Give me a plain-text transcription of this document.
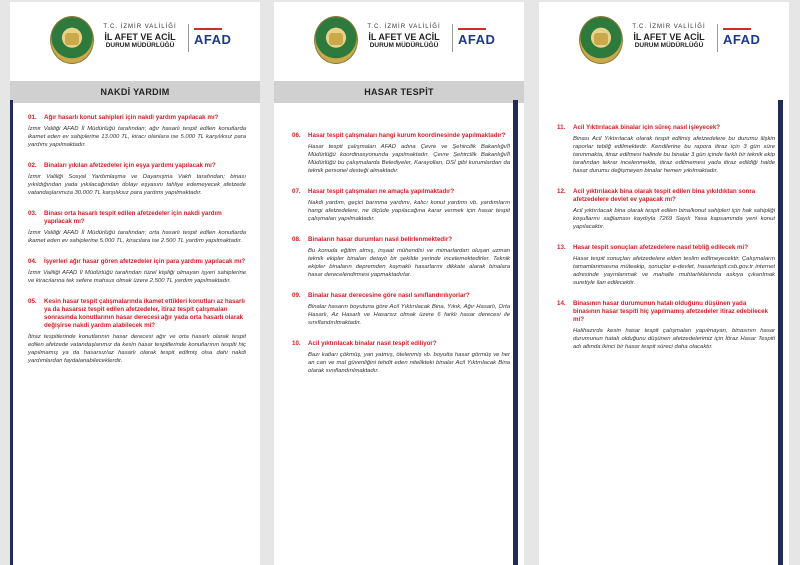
T.C. İZMİR VALİLİĞİ
İL AFET VE ACİL
DURUM MÜDÜRLÜĞÜ	AFAD
NAKDİ YARDIM
01.	Ağır hasarlı konut sahipleri için nakdi yardım yapılacak mı?
İzmir Valiliği AFAD İl Müdürlüğü tarafından; ağır hasarlı tespit edilen konutlarda ikamet eden ev sahiplerine 13.000 TL, kiracı olanlara ise 5.000 TL karşılıksız para yardımı yapılmaktadır.
02.	Binaları yıkılan afetzedeler için eşya yardımı yapılacak mı?
İzmir Valiliği Sosyal Yardımlaşma ve Dayanışma Vakfı tarafından; binası yıkıldığından yada yıkılacağından dolayı eşyasını tahliye edemeyecek afetzede vatandaşlarımıza 30.000 TL karşılıksız para yardımı yapılmaktadır.
03.	Binası orta hasarlı tespit edilen afetzedeler için nakdi yardım yapılacak mı?
İzmir Valiliği AFAD İl Müdürlüğü tarafından; orta hasarlı tespit edilen konutlarda ikamet eden ev sahiplerine 5.000 TL, kiracılara ise 2.500 TL yardım yapılmaktadır.
04.	İşyerleri ağır hasar gören afetzedeler için para yardımı yapılacak mı?
İzmir Valiliği AFAD İl Müdürlüğü tarafından tüzel kişiliği olmayan işyeri sahiplerine ve kiracılarına tek sefere mahsus olmak üzere 2.500 TL yardım yapılmaktadır.
05.	Kesin hasar tespit çalışmalarında ikamet ettikleri konutları az hasarlı ya da hasarsız tespit edilen afetzedeler, itiraz tespit çalışmaları sonrasında konutlarının hasar derecesi ağır yada orta hasarlı olarak değişirse nakdi yardım alabilecek mi?
İtiraz tespitlerinde konutlarının hasar derecesi ağır ve orta hasarlı olarak tespit edilen afetzede vatandaşlarımız da kesin hasar tespitlerinde konutlarının tespiti hiç yapılmamış ya da hasarsız/az hasarlı olarak tespit edilmiş olsa dahi nakdi yardımlardan faydalanabileceklerdir.
T.C. İZMİR VALİLİĞİ
İL AFET VE ACİL
DURUM MÜDÜRLÜĞÜ	AFAD
HASAR TESPİT
06.	Hasar tespit çalışmaları hangi kurum koordinesinde yapılmaktadır?
Hasar tespit çalışmaları AFAD adına Çevre ve Şehircilik Bakanlığı/İl Müdürlüğü koordinasyonunda yapılmaktadır. Çevre Şehircilik Bakanlığı/İl Müdürlüğü bu çalışmalarda Belediyeler, Karayolları, DSİ gibi kurumlardan da teknik personel desteği almaktadır.
07.	Hasar tespit çalışmaları ne amaçla yapılmaktadır?
Nakdi yardım, geçici barınma yardımı, kalıcı konut yardımı vb. yardımların hangi afetzedelere, ne ölçüde yapılacağına karar vermek için hasar tespit çalışmaları yapılmaktadır.
08.	Binaların hasar durumları nasıl belirlenmektedir?
Bu konuda eğitim almış, inşaat mühendisi ve mimarlardan oluşan uzman teknik ekipler binaları detaylı bir şekilde yerinde incelemektedirler. Teknik ekipler binaların depremden kaynaklı hasarlarını dikkate alarak binalara hasar derecelendirmesi yapmaktadırlar.
09.	Binalar hasar derecesine göre nasıl sınıflandırılıyorlar?
Binalar hasarın boyutuna göre Acil Yıktırılacak Bina, Yıkık, Ağır Hasarlı, Orta Hasarlı, Az Hasarlı ve Hasarsız olmak üzere 6 farklı hasar derecesi ile sınıflandırılmaktadır.
10.	Acil yıktırılacak binalar nasıl tespit ediliyor?
Bazı katları çökmüş, yan yatmış, ötelenmiş vb. boyutta hasar görmüş ve her an can ve mal güvenliğini tehdit eden nitelikteki binalar Acil Yıktırılacak Bina olarak sınıflandırılmaktadır.
T.C. İZMİR VALİLİĞİ
İL AFET VE ACİL
DURUM MÜDÜRLÜĞÜ	AFAD
11.	Acil Yıktırılacak binalar için süreç nasıl işleyecek?
Binası Acil Yıktırılacak olarak tespit edilmiş afetzedelere bu durumu ilişkin raporlar tebliğ edilmektedir. Kendilerine bu rapora itiraz için 3 gün süre tanınmakta, itiraz edilmesi halinde bu binalar 3 gün içinde farklı bir teknik ekip tarafından tekrar incelenmekte, itiraz edilmemesi yada itiraz edildiği halde hasar durumu değişmeyen binalar hemen yıkılmaktadır.
12.	Acil yıktırılacak bina olarak tespit edilen bina yıkıldıktan sonra afetzedelere devlet ev yapacak mı?
Acil yıktırılacak bina olarak tespit edilen bina/konut sahipleri için hak sahipliği koşullarını sağlaması kaydıyla 7269 Sayılı Yasa kapsamında yeni konut yapılacaktır.
13.	Hasar tespit sonuçları afetzedelere nasıl tebliğ edilecek mi?
Hasar tespit sonuçları afetzedelere elden teslim edilmeyecektir. Çalışmaların tamamlanmasına müteakip, sonuçlar e-devlet, hasartespit.csb.gov.tr internet adresinde yayınlanmak ve mahalle muhtarlıklarında askıya çıkarılmak suretiyle ilan edilecektir.
14.	Binasının hasar durumunun hatalı olduğunu düşünen yada binasının hasar tespiti hiç yapılmamış afetzedeler itiraz edebilecek mi?
Halihazırda kesin hasar tespit çalışmaları yapılmayan, binasının hasar durumunun hatalı olduğunu düşünen afetzedelerimiz için İtiraz Hasar Tespiti adı altında ikinci bir hasar tespit süreci daha olacaktır.
